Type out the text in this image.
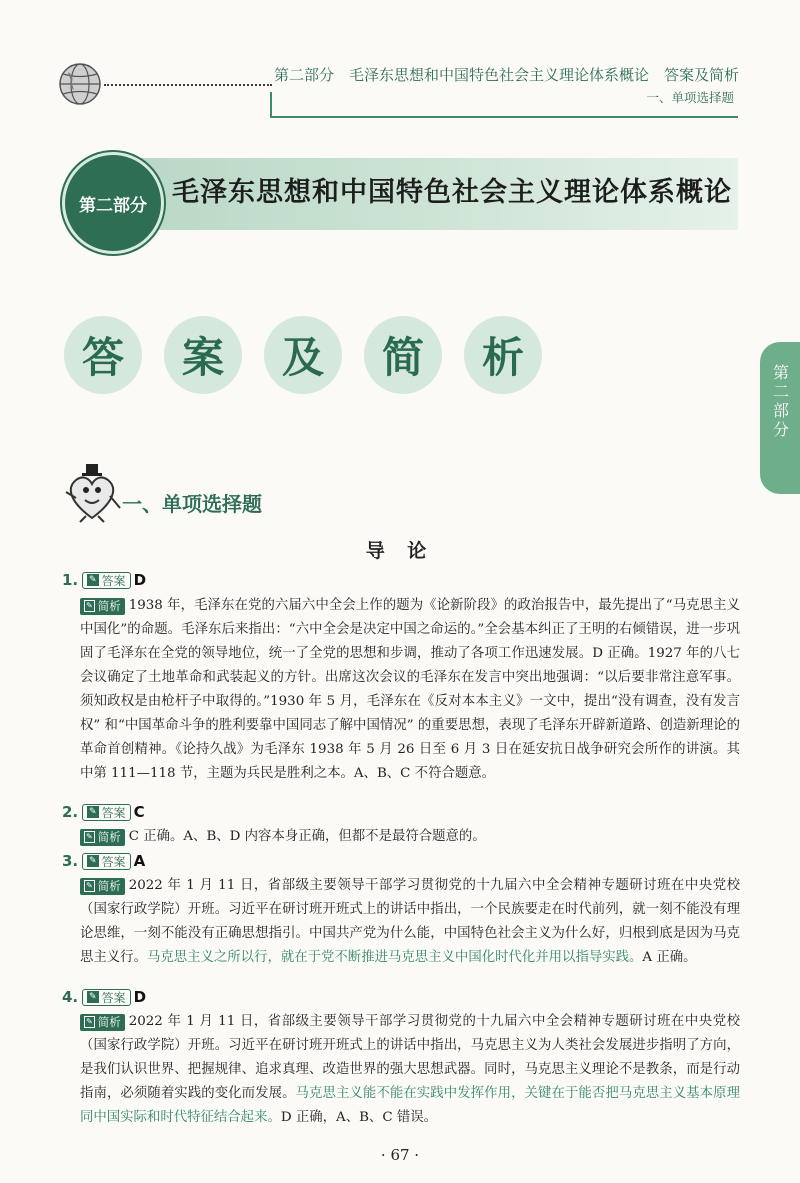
第二部分　毛泽东思想和中国特色社会主义理论体系概论　答案及简析
一、单项选择题
第二部分 毛泽东思想和中国特色社会主义理论体系概论
答 案 及 简 析
第二部分
一、单项选择题
导 论
1.	✎ 答案 D
✎ 简析 1938 年，毛泽东在党的六届六中全会上作的题为《论新阶段》的政治报告中，最先提出了“马克思主义中国化”的命题。毛泽东后来指出：“六中全会是决定中国之命运的。”全会基本纠正了王明的右倾错误，进一步巩固了毛泽东在全党的领导地位，统一了全党的思想和步调，推动了各项工作迅速发展。D 正确。1927 年的八七会议确定了土地革命和武装起义的方针。出席这次会议的毛泽东在发言中突出地强调：“以后要非常注意军事。须知政权是由枪杆子中取得的。”1930 年 5 月，毛泽东在《反对本本主义》一文中，提出“没有调查，没有发言权” 和“中国革命斗争的胜利要靠中国同志了解中国情况” 的重要思想，表现了毛泽东开辟新道路、创造新理论的革命首创精神。《论持久战》为毛泽东 1938 年 5 月 26 日至 6 月 3 日在延安抗日战争研究会所作的讲演。其中第 111—118 节，主题为兵民是胜利之本。A、B、C 不符合题意。
2.	✎ 答案 C
✎ 简析 C 正确。A、B、D 内容本身正确，但都不是最符合题意的。
3.	✎ 答案 A
✎ 简析 2022 年 1 月 11 日，省部级主要领导干部学习贯彻党的十九届六中全会精神专题研讨班在中央党校（国家行政学院）开班。习近平在研讨班开班式上的讲话中指出，一个民族要走在时代前列，就一刻不能没有理论思维，一刻不能没有正确思想指引。中国共产党为什么能，中国特色社会主义为什么好，归根到底是因为马克思主义行。马克思主义之所以行，就在于党不断推进马克思主义中国化时代化并用以指导实践。A 正确。
4.	✎ 答案 D
✎ 简析 2022 年 1 月 11 日，省部级主要领导干部学习贯彻党的十九届六中全会精神专题研讨班在中央党校（国家行政学院）开班。习近平在研讨班开班式上的讲话中指出，马克思主义为人类社会发展进步指明了方向，是我们认识世界、把握规律、追求真理、改造世界的强大思想武器。同时，马克思主义理论不是教条，而是行动指南，必须随着实践的变化而发展。马克思主义能不能在实践中发挥作用，关键在于能否把马克思主义基本原理同中国实际和时代特征结合起来。D 正确，A、B、C 错误。
· 67 ·
